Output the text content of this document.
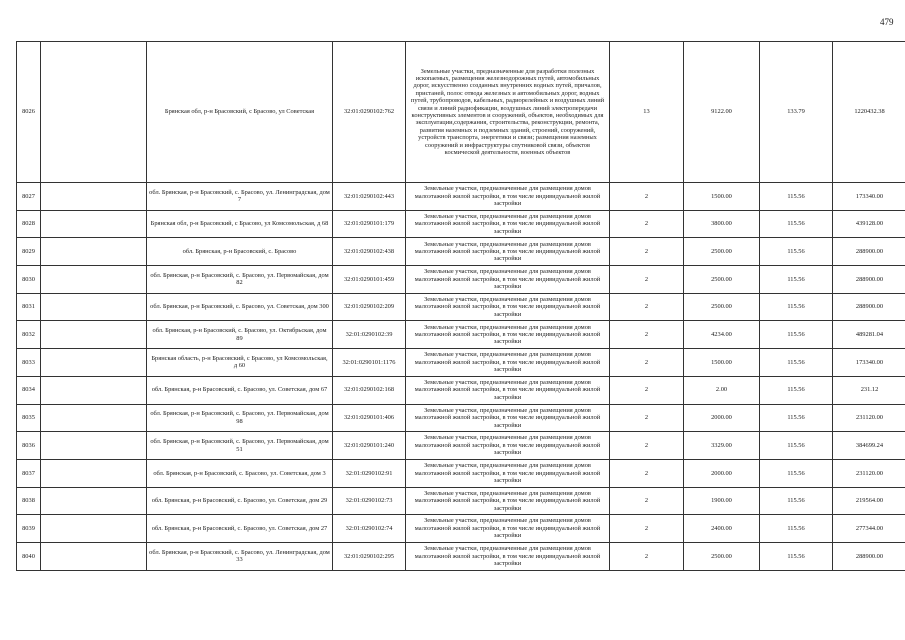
479
8026		Брянская обл, р-н Брасовский, с Брасово, ул Советская	32:01:0290102:762	Земельные участки, предназначенные для разработки полезных ископаемых, размещения железнодорожных путей, автомобильных дорог, искусственно созданных внутренних водных путей, причалов, пристаней, полос отвода железных и автомобильных дорог, водных путей, трубопроводов, кабельных, радиорелейных и воздушных линий связи и линий радиофикации, воздушных линий электропередачи конструктивных элементов и сооружений, объектов, необходимых для эксплуатации,содержания, строительства, реконструкции, ремонта, развития наземных и подземных зданий, строений, сооружений, устройств транспорта, энергетики и связи; размещения наземных сооружений и инфраструктуры спутниковой связи, объектов космической деятельности, военных объектов	13	9122.00	133.79	1220432.38
8027		обл. Брянская, р-н Брасовский, с. Брасово, ул. Ленинградская, дом 7	32:01:0290102:443	Земельные участки, предназначенные для размещения домов малоэтажной жилой застройки, в том числе индивидуальной жилой застройки	2	1500.00	115.56	173340.00
8028		Брянская обл, р-н Брасовский, с Брасово, ул Комсомольская, д 68	32:01:0290101:179	Земельные участки, предназначенные для размещения домов малоэтажной жилой застройки, в том числе индивидуальной жилой застройки	2	3800.00	115.56	439128.00
8029		обл. Брянская, р-н Брасовский, с. Брасово	32:01:0290102:438	Земельные участки, предназначенные для размещения домов малоэтажной жилой застройки, в том числе индивидуальной жилой застройки	2	2500.00	115.56	288900.00
8030		обл. Брянская, р-н Брасовский, с. Брасово, ул. Первомайская, дом 82	32:01:0290101:459	Земельные участки, предназначенные для размещения домов малоэтажной жилой застройки, в том числе индивидуальной жилой застройки	2	2500.00	115.56	288900.00
8031		обл. Брянская, р-н Брасовский, с. Брасово, ул. Советская, дом 300	32:01:0290102:209	Земельные участки, предназначенные для размещения домов малоэтажной жилой застройки, в том числе индивидуальной жилой застройки	2	2500.00	115.56	288900.00
8032		обл. Брянская, р-н Брасовский, с. Брасово, ул. Октябрьская, дом 89	32:01:0290102:39	Земельные участки, предназначенные для размещения домов малоэтажной жилой застройки, в том числе индивидуальной жилой застройки	2	4234.00	115.56	489281.04
8033		Брянская область, р-н Брасовский, с Брасово, ул Комсомольская, д 60	32:01:0290101:1176	Земельные участки, предназначенные для размещения домов малоэтажной жилой застройки, в том числе индивидуальной жилой застройки	2	1500.00	115.56	173340.00
8034		обл. Брянская, р-н Брасовский, с. Брасово, ул. Советская, дом 67	32:01:0290102:168	Земельные участки, предназначенные для размещения домов малоэтажной жилой застройки, в том числе индивидуальной жилой застройки	2	2.00	115.56	231.12
8035		обл. Брянская, р-н Брасовский, с. Брасово, ул. Первомайская, дом 98	32:01:0290101:406	Земельные участки, предназначенные для размещения домов малоэтажной жилой застройки, в том числе индивидуальной жилой застройки	2	2000.00	115.56	231120.00
8036		обл. Брянская, р-н Брасовский, с. Брасово, ул. Первомайская, дом 51	32:01:0290101:240	Земельные участки, предназначенные для размещения домов малоэтажной жилой застройки, в том числе индивидуальной жилой застройки	2	3329.00	115.56	384699.24
8037		обл. Брянская, р-н Брасовский, с. Брасово, ул. Советская, дом 3	32:01:0290102:91	Земельные участки, предназначенные для размещения домов малоэтажной жилой застройки, в том числе индивидуальной жилой застройки	2	2000.00	115.56	231120.00
8038		обл. Брянская, р-н Брасовский, с. Брасово, ул. Советская, дом 29	32:01:0290102:73	Земельные участки, предназначенные для размещения домов малоэтажной жилой застройки, в том числе индивидуальной жилой застройки	2	1900.00	115.56	219564.00
8039		обл. Брянская, р-н Брасовский, с. Брасово, ул. Советская, дом 27	32:01:0290102:74	Земельные участки, предназначенные для размещения домов малоэтажной жилой застройки, в том числе индивидуальной жилой застройки	2	2400.00	115.56	277344.00
8040		обл. Брянская, р-н Брасовский, с. Брасово, ул. Ленинградская, дом 33	32:01:0290102:295	Земельные участки, предназначенные для размещения домов малоэтажной жилой застройки, в том числе индивидуальной жилой застройки	2	2500.00	115.56	288900.00
